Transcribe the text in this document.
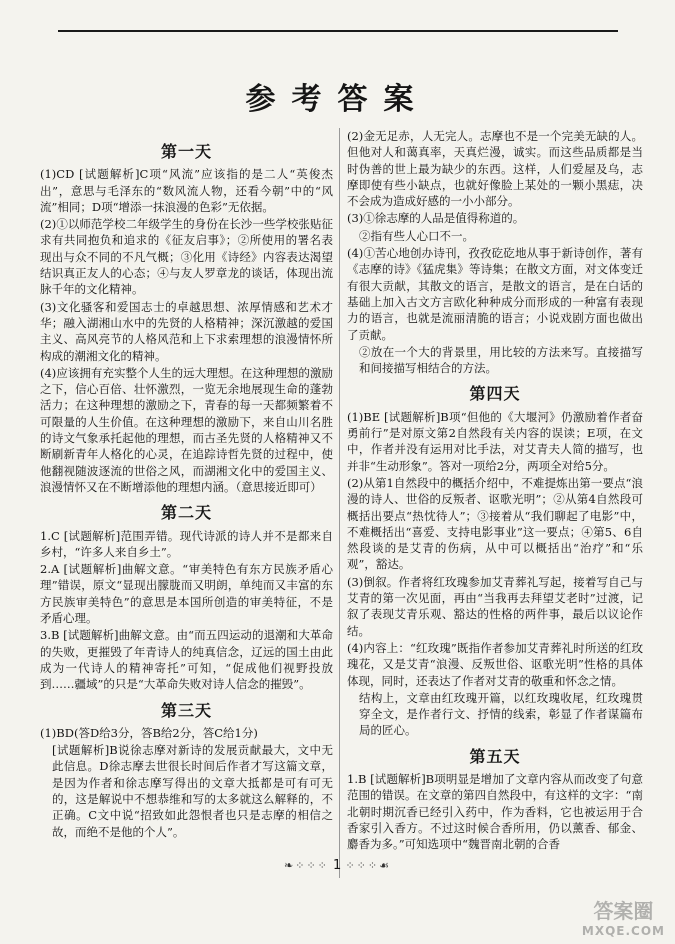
参考答案
第一天

(1)CD [试题解析]C项“风流”应该指的是二人“英俊杰出”，意思与毛泽东的“数风流人物，还看今朝”中的“风流”相同；D项“增添一抹浪漫的色彩”无依据。

(2)①以师范学校二年级学生的身份在长沙一些学校张贴征求有共同抱负和追求的《征友启事》；②所使用的署名表现出与众不同的不凡气概；③化用《诗经》内容表达渴望结识真正友人的心态；④与友人罗章龙的谈话，体现出流脉千年的文化精神。

(3)文化骚客和爱国志士的卓越思想、浓厚情感和艺术才华；融入湖湘山水中的先贤的人格精神；深沉激越的爱国主义、高风亮节的人格风范和上下求索理想的浪漫情怀所构成的潮湘文化的精神。

(4)应该拥有充实整个人生的远大理想。在这种理想的激励之下，信心百倍、壮怀激烈，一览无余地展现生命的蓬勃活力；在这种理想的激励之下，青春的每一天都频繁着不可限量的人生价值。在这种理想的激励下，来自山川名胜的诗文气象承托起他的理想，而古圣先贤的人格精神又不断刷新青年人格化的心灵，在追踪诗哲先贤的过程中，使他翻视随波逐流的世俗之风，而湖湘文化中的爱国主义、浪漫情怀又在不断增添他的理想内涵。（意思接近即可）

第二天

1.C [试题解析]范围弄错。现代诗派的诗人并不是都来自乡村，“许多人来自乡土”。

2.A [试题解析]曲解文意。“审美特色有东方民族矛盾心理”错误，原文“显现出朦胧而又明朗，单纯而又丰富的东方民族审美特色”的意思是本国所创造的审美特征，不是矛盾心理。

3.B [试题解析]曲解文意。由“而五四运动的退潮和大革命的失败，更摧毁了年青诗人的纯真信念，辽远的国土由此成为一代诗人的精神寄托”可知，“促成他们视野投放到……疆域”的只是“大革命失败对诗人信念的摧毁”。

第三天

(1)BD(答D给3分，答B给2分，答C给1分)

[试题解析]B说徐志摩对新诗的发展贡献最大，文中无此信息。D徐志摩去世很长时间后作者才写这篇文章，是因为作者和徐志摩写得出的文章大抵都是可有可无的，这是解说中不想恭维和写的太多就这么解释的，不正确。C文中说“招致如此怨恨者也只是志摩的相信之故，而绝不是他的个人”。

(2)金无足赤，人无完人。志摩也不是一个完美无缺的人。但他对人和蔼真率，天真烂漫，诚实。而这些品质都是当时伪善的世上最为缺少的东西。这样，人们爱屋及乌，志摩即使有些小缺点，也就好像脸上某处的一颗小黑痣，决不会成为造成好感的一小小部分。

(3)①徐志摩的人品是值得称道的。

②指有些人心口不一。

(4)①苦心地创办诗刊，孜孜矻矻地从事于新诗创作，著有《志摩的诗》《猛虎集》等诗集；在散文方面，对文体变迁有很大贡献，其散文的语言，是散文的语言，是在白话的基础上加入古文方言欧化种种成分而形成的一种富有表现力的语言，也就是流丽清脆的语言；小说戏剧方面也做出了贡献。

②放在一个大的背景里，用比较的方法来写。直接描写和间接描写相结合的方法。

第四天

(1)BE [试题解析]B项“但他的《大堰河》仍激励着作者奋勇前行”是对原文第2自然段有关内容的误读；E项，在文中，作者并没有运用对比手法，对艾青夫人简的描写，也并非“生动形象”。答对一项给2分，两项全对给5分。

(2)从第1自然段中的概括介绍中，不难提炼出第一要点“浪漫的诗人、世俗的反叛者、讴歌光明”；②从第4自然段可概括出要点“热忱待人”；③接着从“我们聊起了电影”中，不难概括出“喜爱、支持电影事业”这一要点；④第5、6自然段谈的是艾青的伤病，从中可以概括出“治疗”和“乐观”，豁达。

(3)倒叙。作者将红玫瑰参加艾青葬礼写起，接着写自己与艾青的第一次见面，再由“当我再去拜望艾老时”过渡，记叙了表现艾青乐观、豁达的性格的两件事，最后以议论作结。

(4)内容上：“红玫瑰”既指作者参加艾青葬礼时所送的红玫瑰花，又是艾青“浪漫、反叛世俗、讴歌光明”性格的具体体现，同时，还表达了作者对艾青的敬重和怀念之情。

结构上，文章由红玫瑰开篇，以红玫瑰收尾，红玫瑰贯穿全文，是作者行文、抒情的线索，彰显了作者谋篇布局的匠心。

第五天

1.B [试题解析]B项明显是增加了文章内容从而改变了句意范围的错误。在文章的第四自然段中，有这样的文字：“南北朝时期沉香已经引入药中，作为香料，它也被运用于合香家引入香方。不过这时候合香所用，仍以薰香、郁金、麝香为多。”可知选项中“魏晋南北朝的合香

❧⁘⁘⁘ 1 ⁘⁘⁘☙
答案圈
MXQE.COM
